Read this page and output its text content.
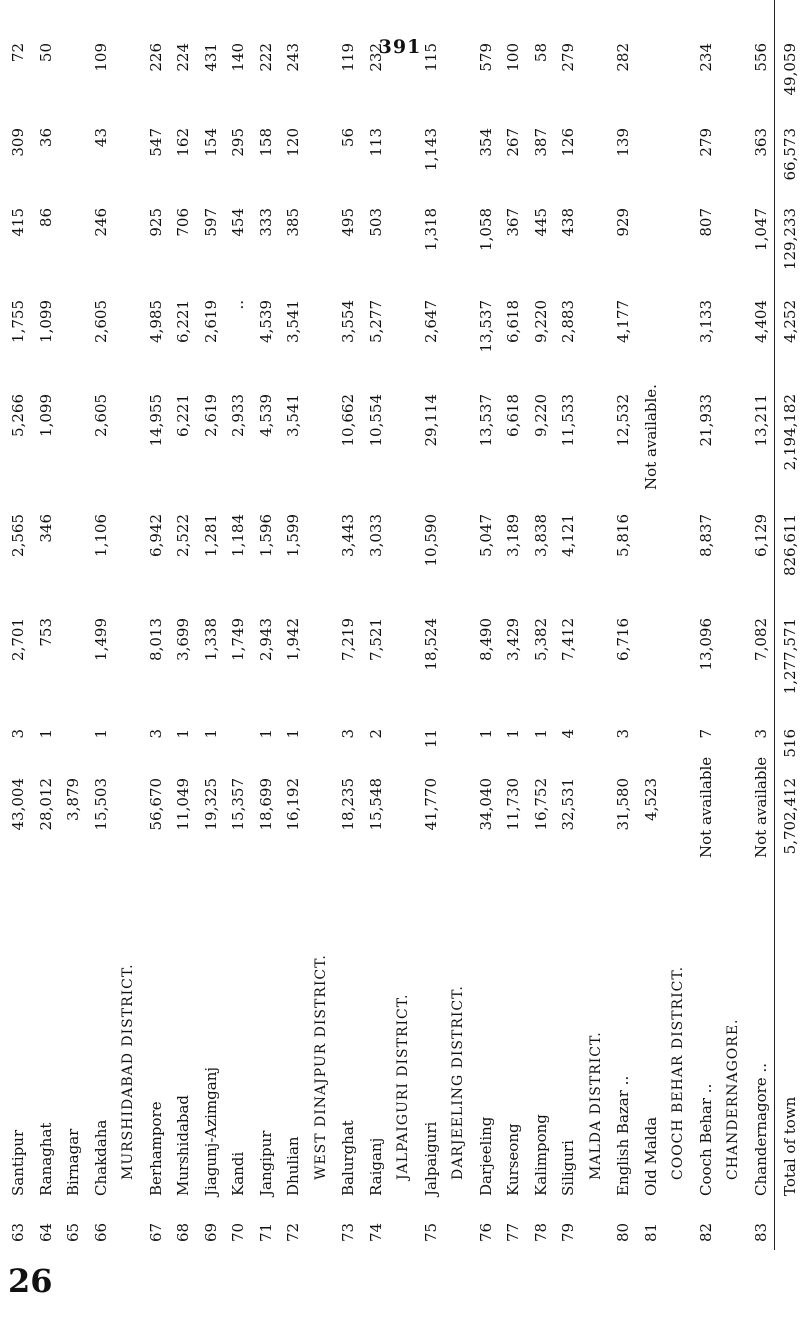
391
63
Santipur
43,004
3
2,701
2,565
5,266
1,755
415
309
72
64
Ranaghat
28,012
1
753
346
1,099
1,099
86
36
50
65
Birnagar
3,879
66
Chakdaha
15,503
1
1,499
1,106
2,605
2,605
246
43
109
MURSHIDABAD DISTRICT.
67
Berhampore
56,670
3
8,013
6,942
14,955
4,985
925
547
226
68
Murshidabad
11,049
1
3,699
2,522
6,221
6,221
706
162
224
69
Jiagunj-Azimganj
19,325
1
1,338
1,281
2,619
2,619
597
154
431
70
Kandi
15,357
1,749
1,184
2,933
..
454
295
140
71
Jangipur
18,699
1
2,943
1,596
4,539
4,539
333
158
222
72
Dhulian
16,192
1
1,942
1,599
3,541
3,541
385
120
243
WEST DINAJPUR DISTRICT.
73
Balurghat
18,235
3
7,219
3,443
10,662
3,554
495
56
119
74
Raiganj
15,548
2
7,521
3,033
10,554
5,277
503
113
232
JALPAIGURI DISTRICT.
75
Jalpaiguri
41,770
11
18,524
10,590
29,114
2,647
1,318
1,143
115
DARJEELING DISTRICT.
76
Darjeeling
34,040
1
8,490
5,047
13,537
13,537
1,058
354
579
77
Kurseong
11,730
1
3,429
3,189
6,618
6,618
367
267
100
78
Kalimpong
16,752
1
5,382
3,838
9,220
9,220
445
387
58
79
Siliguri
32,531
4
7,412
4,121
11,533
2,883
438
126
279
MALDA DISTRICT.
80
English Bazar ..
31,580
3
6,716
5,816
12,532
4,177
929
139
282
81
Old Malda
4,523
Not available.
COOCH BEHAR DISTRICT.
82
Cooch Behar ..
Not available
7
13,096
8,837
21,933
3,133
807
279
234
CHANDERNAGORE.
83
Chandernagore ..
Not available
3
7,082
6,129
13,211
4,404
1,047
363
556
Total of town
5,702,412
516
1,277,571
826,611
2,194,182
4,252
129,233
66,573
49,059
26
